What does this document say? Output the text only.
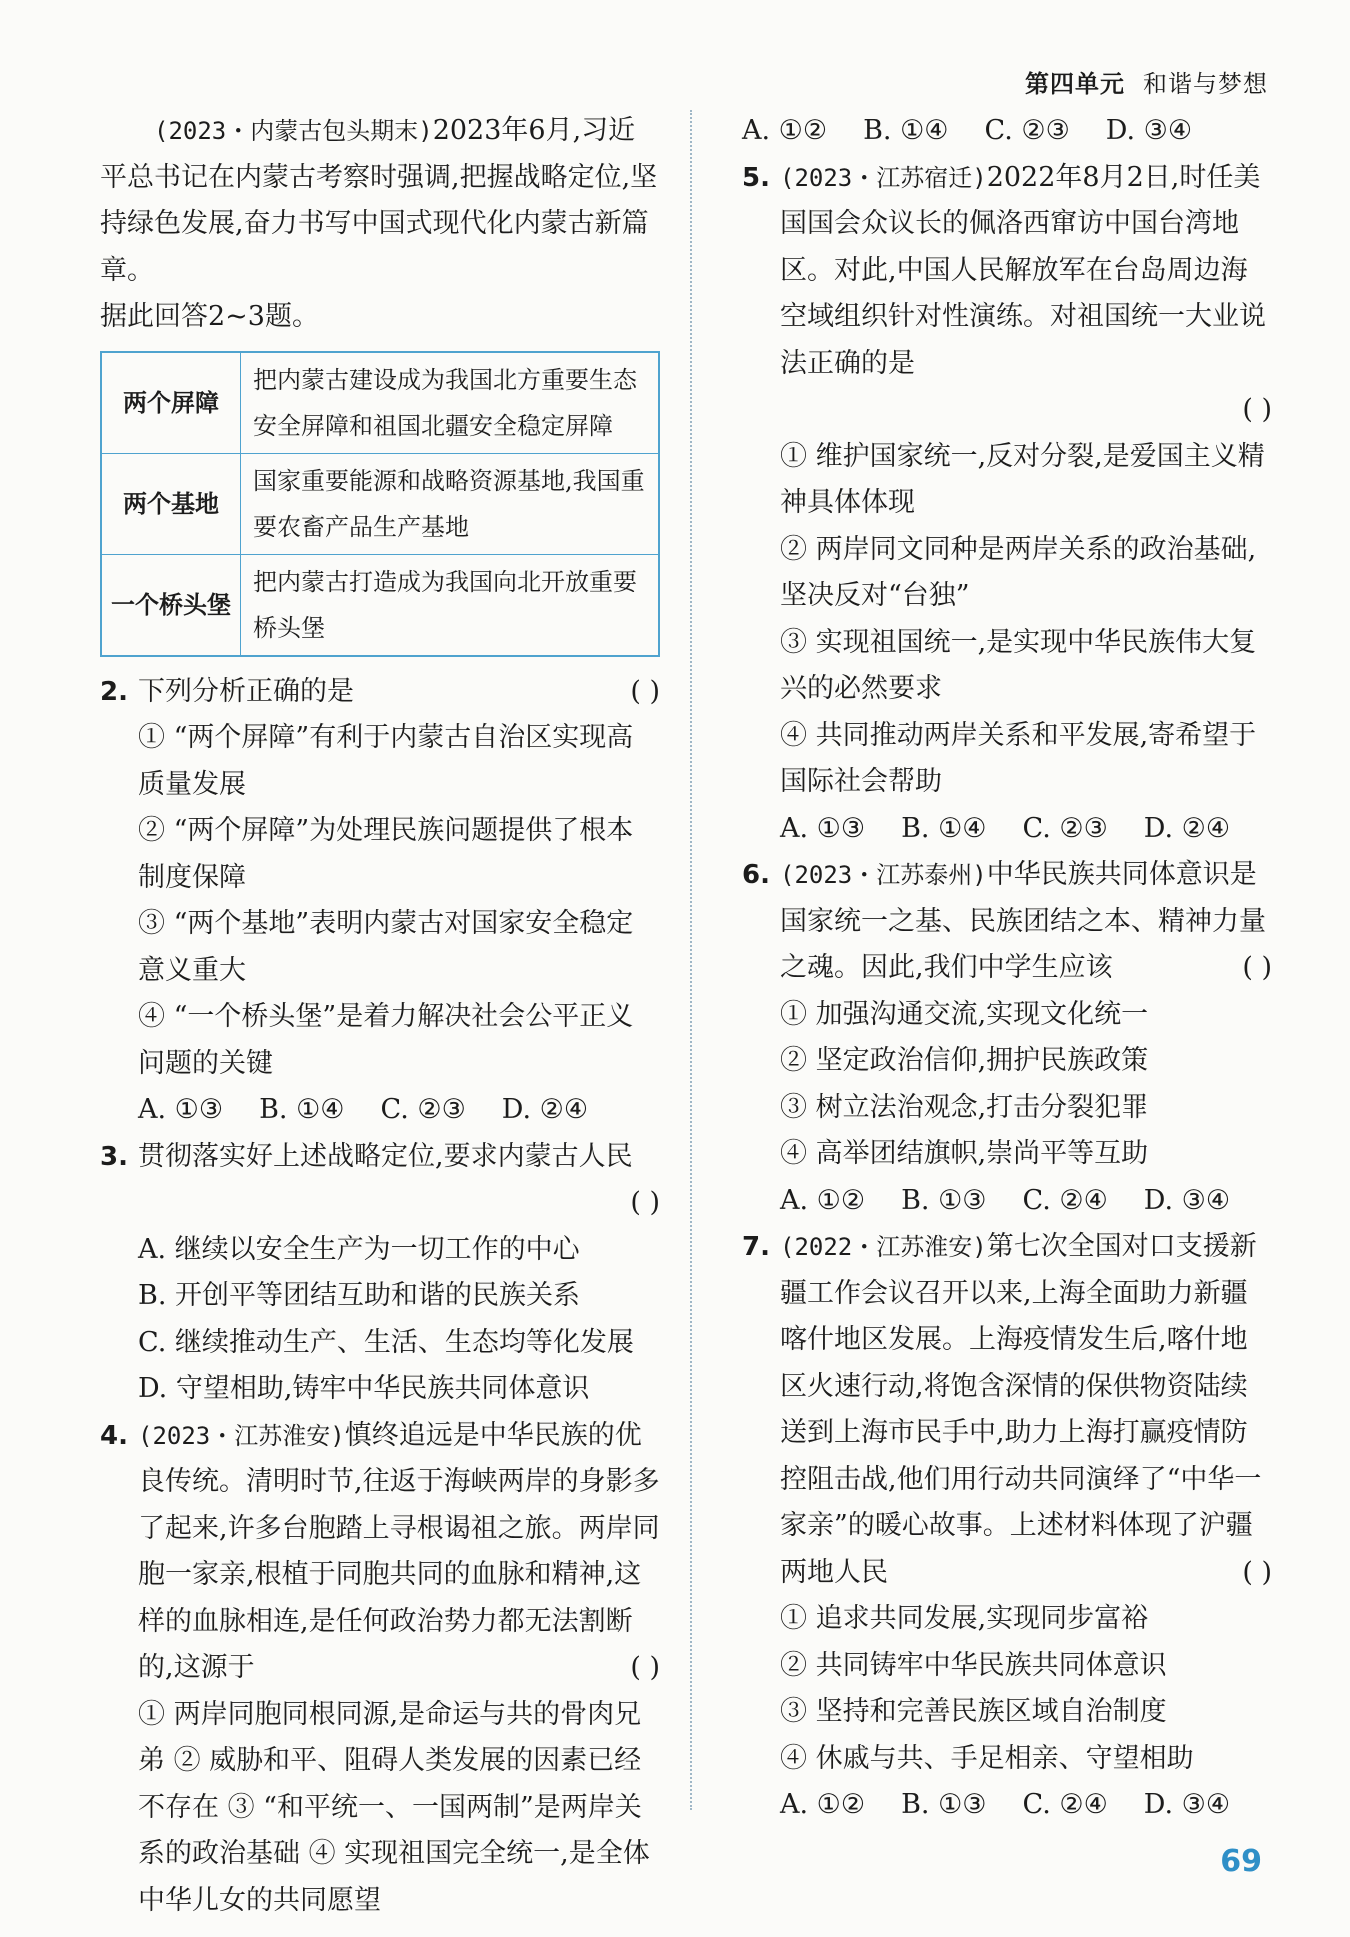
第四单元 和谐与梦想

(2023・内蒙古包头期末)2023年6月,习近平总书记在内蒙古考察时强调,把握战略定位,坚持绿色发展,奋力书写中国式现代化内蒙古新篇章。

据此回答2~3题。

两个屏障	把内蒙古建设成为我国北方重要生态安全屏障和祖国北疆安全稳定屏障
两个基地	国家重要能源和战略资源基地,我国重要农畜产品生产基地
一个桥头堡	把内蒙古打造成为我国向北开放重要桥头堡
2.	( )
下列分析正确的是

① “两个屏障”有利于内蒙古自治区实现高质量发展

② “两个屏障”为处理民族问题提供了根本制度保障

③ “两个基地”表明内蒙古对国家安全稳定意义重大

④ “一个桥头堡”是着力解决社会公平正义问题的关键

A. ①③ B. ①④ C. ②③ D. ②④
3. 贯彻落实好上述战略定位,要求内蒙古人民
( )

A. 继续以安全生产为一切工作的中心

B. 开创平等团结互助和谐的民族关系

C. 继续推动生产、生活、生态均等化发展

D. 守望相助,铸牢中华民族共同体意识

4. (2023・江苏淮安)慎终追远是中华民族的优良传统。清明时节,往返于海峡两岸的身影多了起来,许多台胞踏上寻根谒祖之旅。两岸同胞一家亲,根植于同胞共同的血脉和精神,这样的血脉相连,是任何政治势力都无法割断的,这源于	( )

① 两岸同胞同根同源,是命运与共的骨肉兄弟 ② 威胁和平、阻碍人类发展的因素已经不存在 ③ “和平统一、一国两制”是两岸关系的政治基础 ④ 实现祖国完全统一,是全体中华儿女的共同愿望

A. ①② B. ①④ C. ②③ D. ③④
5. (2023・江苏宿迁)2022年8月2日,时任美国国会众议长的佩洛西窜访中国台湾地区。对此,中国人民解放军在台岛周边海空域组织针对性演练。对祖国统一大业说法正确的是
( )

① 维护国家统一,反对分裂,是爱国主义精神具体体现

② 两岸同文同种是两岸关系的政治基础,坚决反对“台独”

③ 实现祖国统一,是实现中华民族伟大复兴的必然要求

④ 共同推动两岸关系和平发展,寄希望于国际社会帮助

A. ①③ B. ①④ C. ②③ D. ②④
6. (2023・江苏泰州)中华民族共同体意识是国家统一之基、民族团结之本、精神力量之魂。因此,我们中学生应该	( )

① 加强沟通交流,实现文化统一

② 坚定政治信仰,拥护民族政策

③ 树立法治观念,打击分裂犯罪

④ 高举团结旗帜,崇尚平等互助

A. ①② B. ①③ C. ②④ D. ③④
7. (2022・江苏淮安)第七次全国对口支援新疆工作会议召开以来,上海全面助力新疆喀什地区发展。上海疫情发生后,喀什地区火速行动,将饱含深情的保供物资陆续送到上海市民手中,助力上海打赢疫情防控阻击战,他们用行动共同演绎了“中华一家亲”的暖心故事。上述材料体现了沪疆两地人民	( )

① 追求共同发展,实现同步富裕

② 共同铸牢中华民族共同体意识

③ 坚持和完善民族区域自治制度

④ 休戚与共、手足相亲、守望相助

A. ①② B. ①③ C. ②④ D. ③④
69
